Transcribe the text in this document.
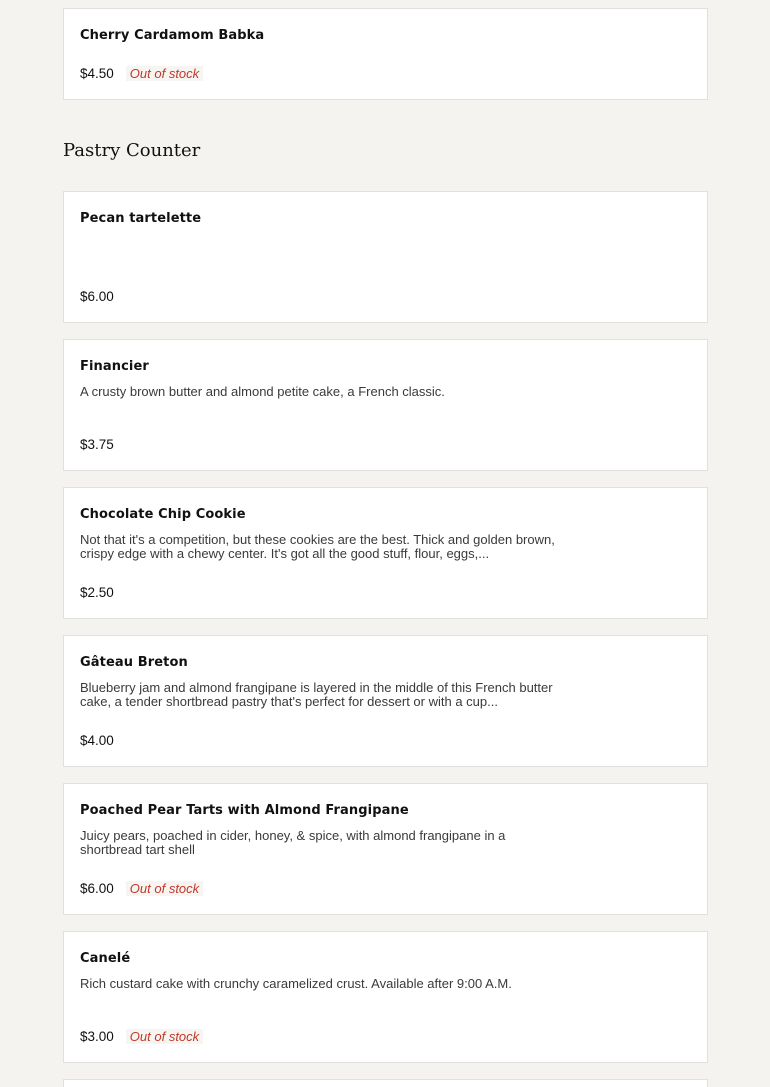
Cherry Cardamom Babka
$4.50	Out of stock
Pastry Counter
Pecan tartelette
$6.00
Financier
A crusty brown butter and almond petite cake, a French classic.
$3.75
Chocolate Chip Cookie
Not that it's a competition, but these cookies are the best. Thick and golden brown, crispy edge with a chewy center. It's got all the good stuff, flour, eggs,...
$2.50
Gâteau Breton
Blueberry jam and almond frangipane is layered in the middle of this French butter cake, a tender shortbread pastry that's perfect for dessert or with a cup...
$4.00
Poached Pear Tarts with Almond Frangipane
Juicy pears, poached in cider, honey, & spice, with almond frangipane in a shortbread tart shell
$6.00	Out of stock
Canelé
Rich custard cake with crunchy caramelized crust. Available after 9:00 A.M.
$3.00	Out of stock
